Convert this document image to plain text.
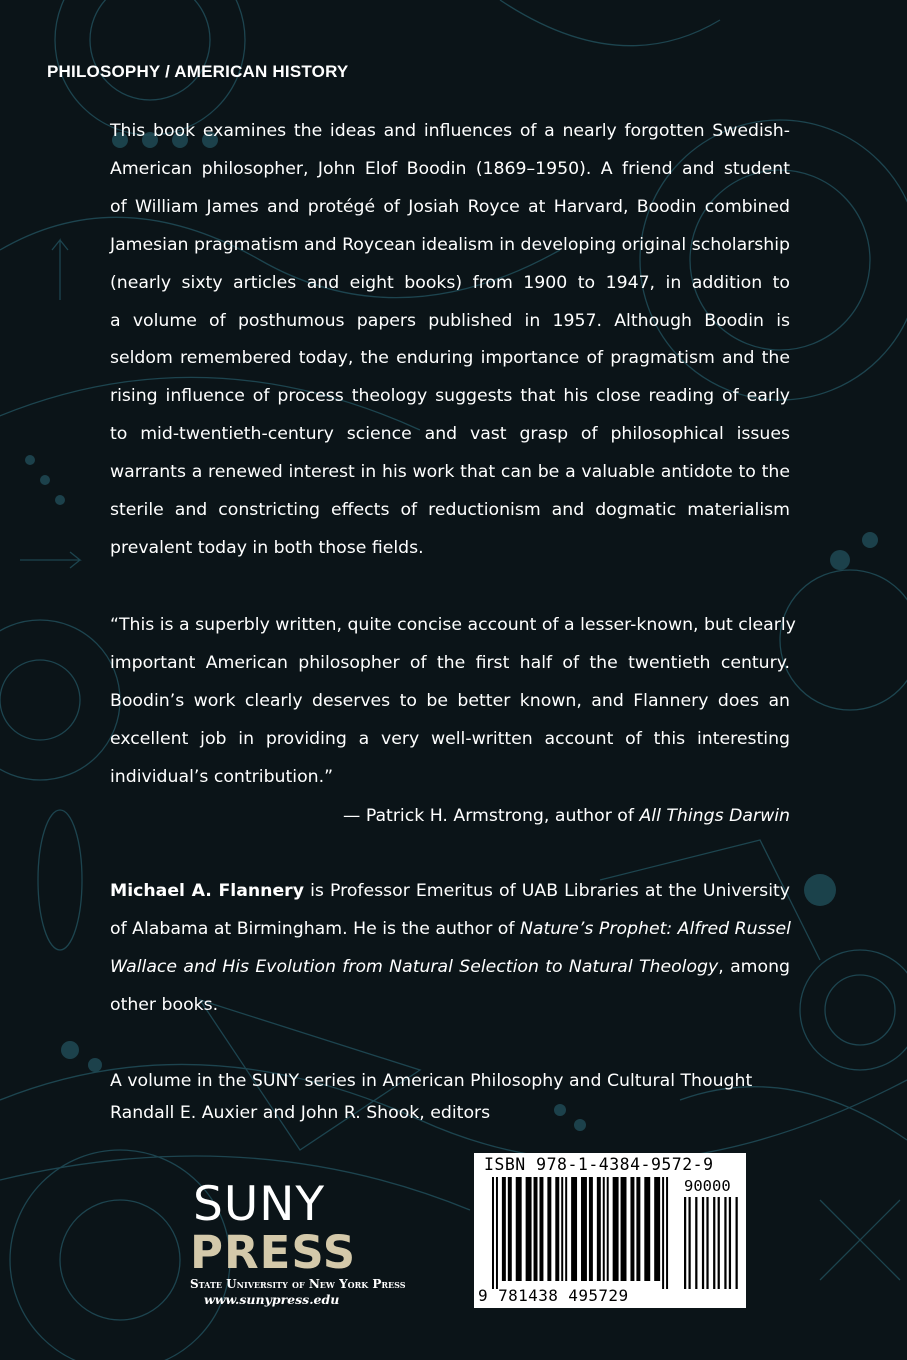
PHILOSOPHY / AMERICAN HISTORY
This book examines the ideas and influences of a nearly forgotten Swedish-
American philosopher, John Elof Boodin (1869–1950). A friend and student
of William James and protégé of Josiah Royce at Harvard, Boodin combined
Jamesian pragmatism and Roycean idealism in developing original scholarship
(nearly sixty articles and eight books) from 1900 to 1947, in addition to
a volume of posthumous papers published in 1957. Although Boodin is
seldom remembered today, the enduring importance of pragmatism and the
rising influence of process theology suggests that his close reading of early
to mid-twentieth-century science and vast grasp of philosophical issues
warrants a renewed interest in his work that can be a valuable antidote to the
sterile and constricting effects of reductionism and dogmatic materialism
prevalent today in both those fields.
“This is a superbly written, quite concise account of a lesser-known, but clearly
important American philosopher of the first half of the twentieth century.
Boodin’s work clearly deserves to be better known, and Flannery does an
excellent job in providing a very well-written account of this interesting
individual’s contribution.”
— Patrick H. Armstrong, author of All Things Darwin
Michael A. Flannery is Professor Emeritus of UAB Libraries at the University
of Alabama at Birmingham. He is the author of Nature’s Prophet: Alfred Russel
Wallace and His Evolution from Natural Selection to Natural Theology, among
other books.
A volume in the SUNY series in American Philosophy and Cultural Thought
Randall E. Auxier and John R. Shook, editors
SUNY
PRESS
State University of New York Press
www.sunypress.edu
ISBN 978-1-4384-9572-9
90000
9 781438 495729
